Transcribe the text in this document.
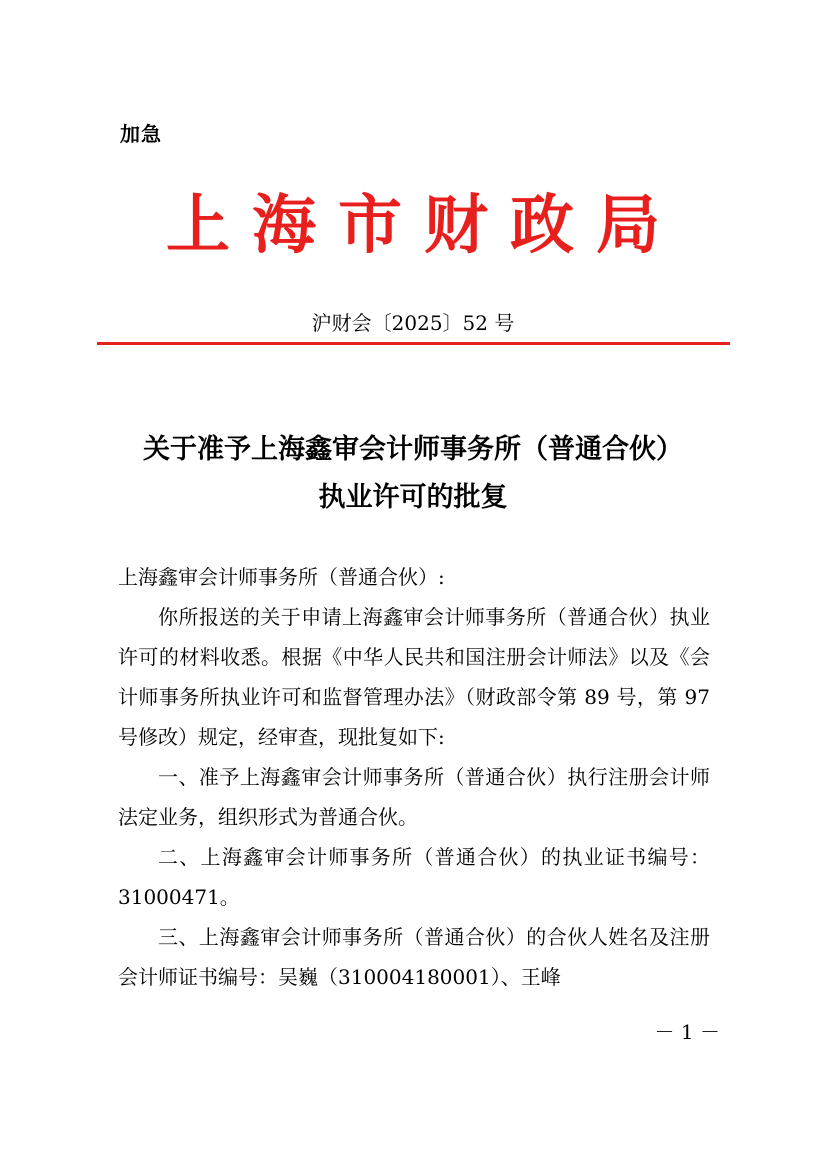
加急
上海市财政局
沪财会〔2025〕52 号
关于准予上海鑫审会计师事务所（普通合伙）
执业许可的批复

上海鑫审会计师事务所（普通合伙）:

你所报送的关于申请上海鑫审会计师事务所（普通合伙）执业许可的材料收悉。根据《中华人民共和国注册会计师法》以及《会计师事务所执业许可和监督管理办法》（财政部令第 89 号，第 97 号修改）规定，经审查，现批复如下:

一、准予上海鑫审会计师事务所（普通合伙）执行注册会计师法定业务，组织形式为普通合伙。

二、上海鑫审会计师事务所（普通合伙）的执业证书编号：31000471。

三、上海鑫审会计师事务所（普通合伙）的合伙人姓名及注册会计师证书编号：吴巍（310004180001）、王峰

－ 1 －
